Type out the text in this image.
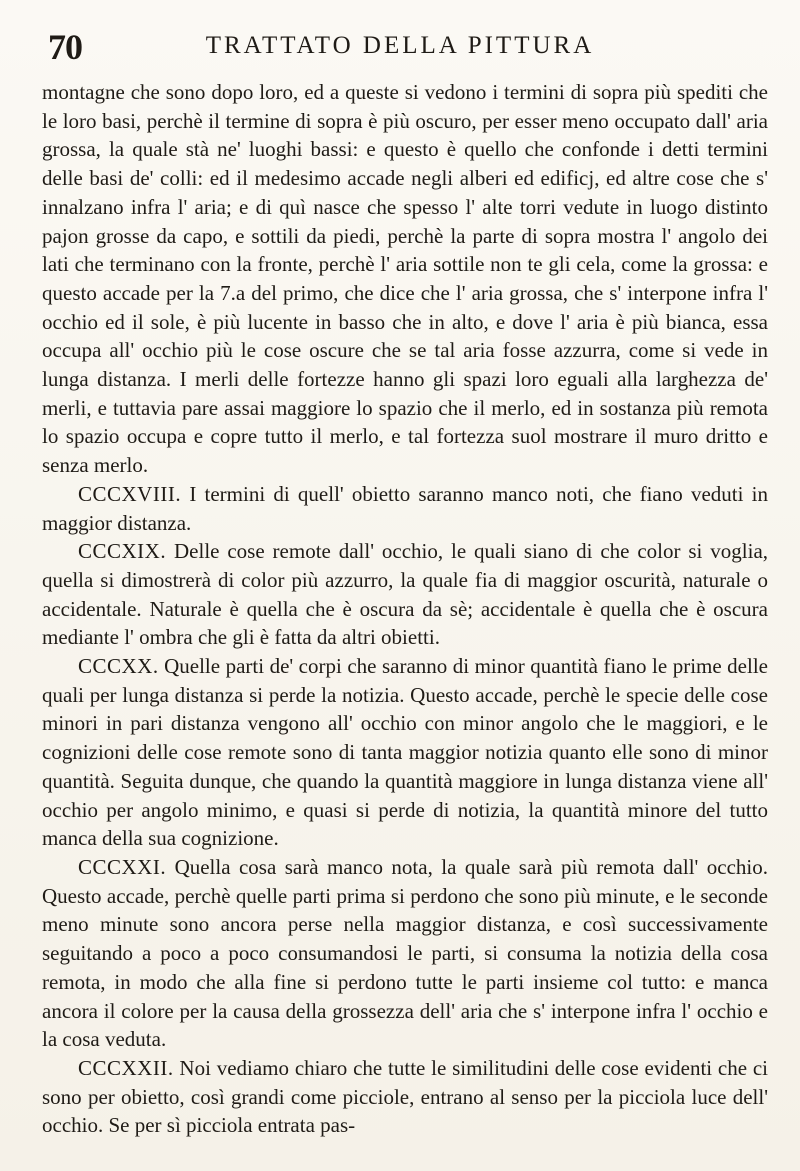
70	TRATTATO DELLA PITTURA

montagne che sono dopo loro, ed a queste si vedono i termini di sopra più spediti che le loro basi, perchè il termine di sopra è più oscuro, per esser meno occupato dall' aria grossa, la quale stà ne' luoghi bassi: e questo è quello che confonde i detti termini delle basi de' colli: ed il medesimo accade negli alberi ed edificj, ed altre cose che s' innalzano infra l' aria; e di quì nasce che spesso l' alte torri vedute in luogo distinto pajon grosse da capo, e sottili da piedi, perchè la parte di sopra mostra l' angolo dei lati che terminano con la fronte, perchè l' aria sottile non te gli cela, come la grossa: e questo accade per la 7.a del primo, che dice che l' aria grossa, che s' interpone infra l' occhio ed il sole, è più lucente in basso che in alto, e dove l' aria è più bianca, essa occupa all' occhio più le cose oscure che se tal aria fosse azzurra, come si vede in lunga distanza. I merli delle fortezze hanno gli spazi loro eguali alla larghezza de' merli, e tuttavia pare assai maggiore lo spazio che il merlo, ed in sostanza più remota lo spazio occupa e copre tutto il merlo, e tal fortezza suol mostrare il muro dritto e senza merlo.

CCCXVIII. I termini di quell' obietto saranno manco noti, che fiano veduti in maggior distanza.

CCCXIX. Delle cose remote dall' occhio, le quali siano di che color si voglia, quella si dimostrerà di color più azzurro, la quale fia di maggior oscurità, naturale o accidentale. Naturale è quella che è oscura da sè; accidentale è quella che è oscura mediante l' ombra che gli è fatta da altri obietti.

CCCXX. Quelle parti de' corpi che saranno di minor quantità fiano le prime delle quali per lunga distanza si perde la notizia. Questo accade, perchè le specie delle cose minori in pari distanza vengono all' occhio con minor angolo che le maggiori, e le cognizioni delle cose remote sono di tanta maggior notizia quanto elle sono di minor quantità. Seguita dunque, che quando la quantità maggiore in lunga distanza viene all' occhio per angolo minimo, e quasi si perde di notizia, la quantità minore del tutto manca della sua cognizione.

CCCXXI. Quella cosa sarà manco nota, la quale sarà più remota dall' occhio. Questo accade, perchè quelle parti prima si perdono che sono più minute, e le seconde meno minute sono ancora perse nella maggior distanza, e così successivamente seguitando a poco a poco consumandosi le parti, si consuma la notizia della cosa remota, in modo che alla fine si perdono tutte le parti insieme col tutto: e manca ancora il colore per la causa della grossezza dell' aria che s' interpone infra l' occhio e la cosa veduta.

CCCXXII. Noi vediamo chiaro che tutte le similitudini delle cose evidenti che ci sono per obietto, così grandi come picciole, entrano al senso per la picciola luce dell' occhio. Se per sì picciola entrata pas-
